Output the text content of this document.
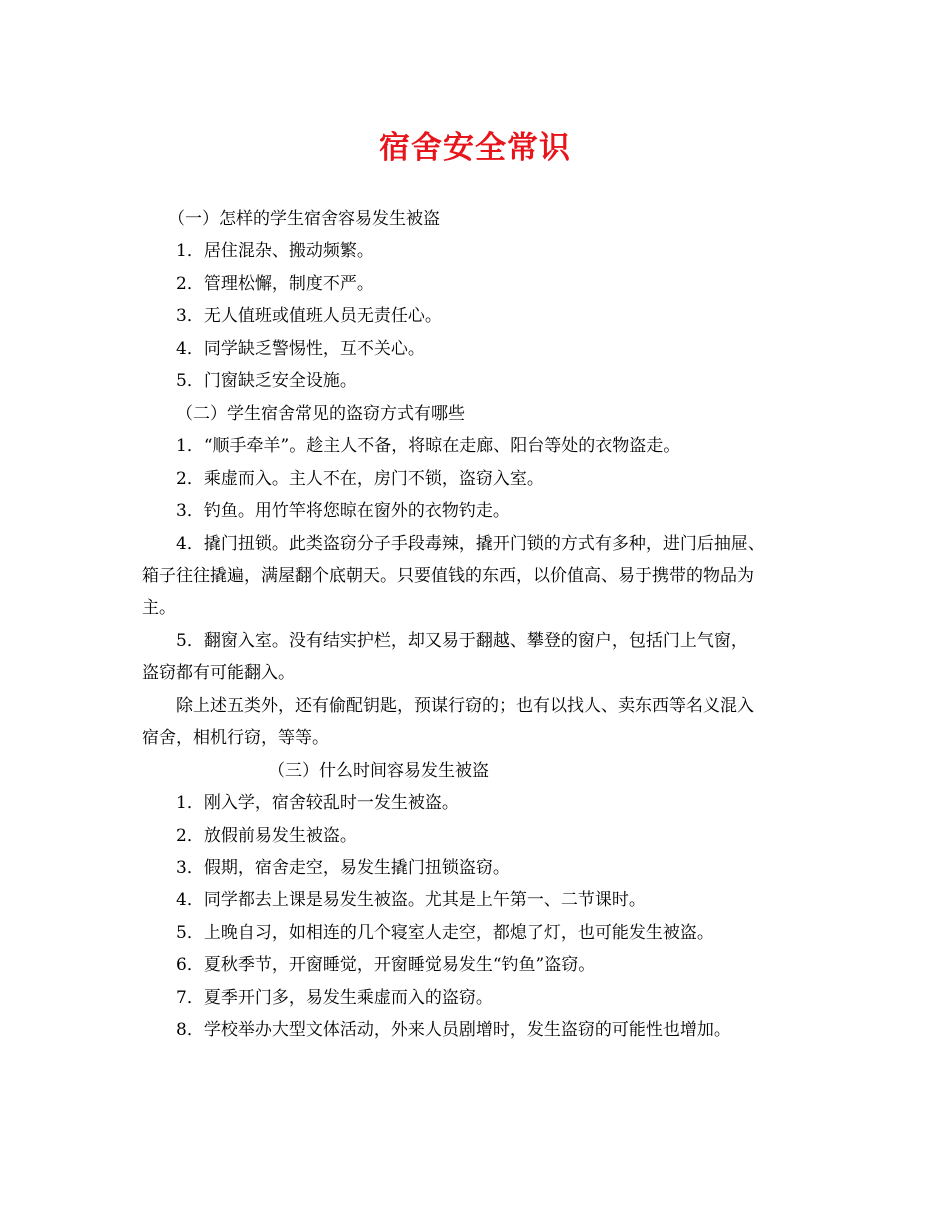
宿舍安全常识

（一）怎样的学生宿舍容易发生被盗

1．居住混杂、搬动频繁。

2．管理松懈，制度不严。

3．无人值班或值班人员无责任心。

4．同学缺乏警惕性，互不关心。

5．门窗缺乏安全设施。

（二）学生宿舍常见的盗窃方式有哪些

1．“顺手牵羊”。趁主人不备，将晾在走廊、阳台等处的衣物盗走。

2．乘虚而入。主人不在，房门不锁，盗窃入室。

3．钓鱼。用竹竿将您晾在窗外的衣物钓走。

4．撬门扭锁。此类盗窃分子手段毒辣，撬开门锁的方式有多种，进门后抽屉、

箱子往往撬遍，满屋翻个底朝天。只要值钱的东西，以价值高、易于携带的物品为

主。

5．翻窗入室。没有结实护栏，却又易于翻越、攀登的窗户，包括门上气窗，

盗窃都有可能翻入。

除上述五类外，还有偷配钥匙，预谋行窃的；也有以找人、卖东西等名义混入

宿舍，相机行窃，等等。

（三）什么时间容易发生被盗

1．刚入学，宿舍较乱时一发生被盗。

2．放假前易发生被盗。

3．假期，宿舍走空，易发生撬门扭锁盗窃。

4．同学都去上课是易发生被盗。尤其是上午第一、二节课时。

5．上晚自习，如相连的几个寝室人走空，都熄了灯，也可能发生被盗。

6．夏秋季节，开窗睡觉，开窗睡觉易发生“钓鱼”盗窃。

7．夏季开门多，易发生乘虚而入的盗窃。

8．学校举办大型文体活动，外来人员剧增时，发生盗窃的可能性也增加。
